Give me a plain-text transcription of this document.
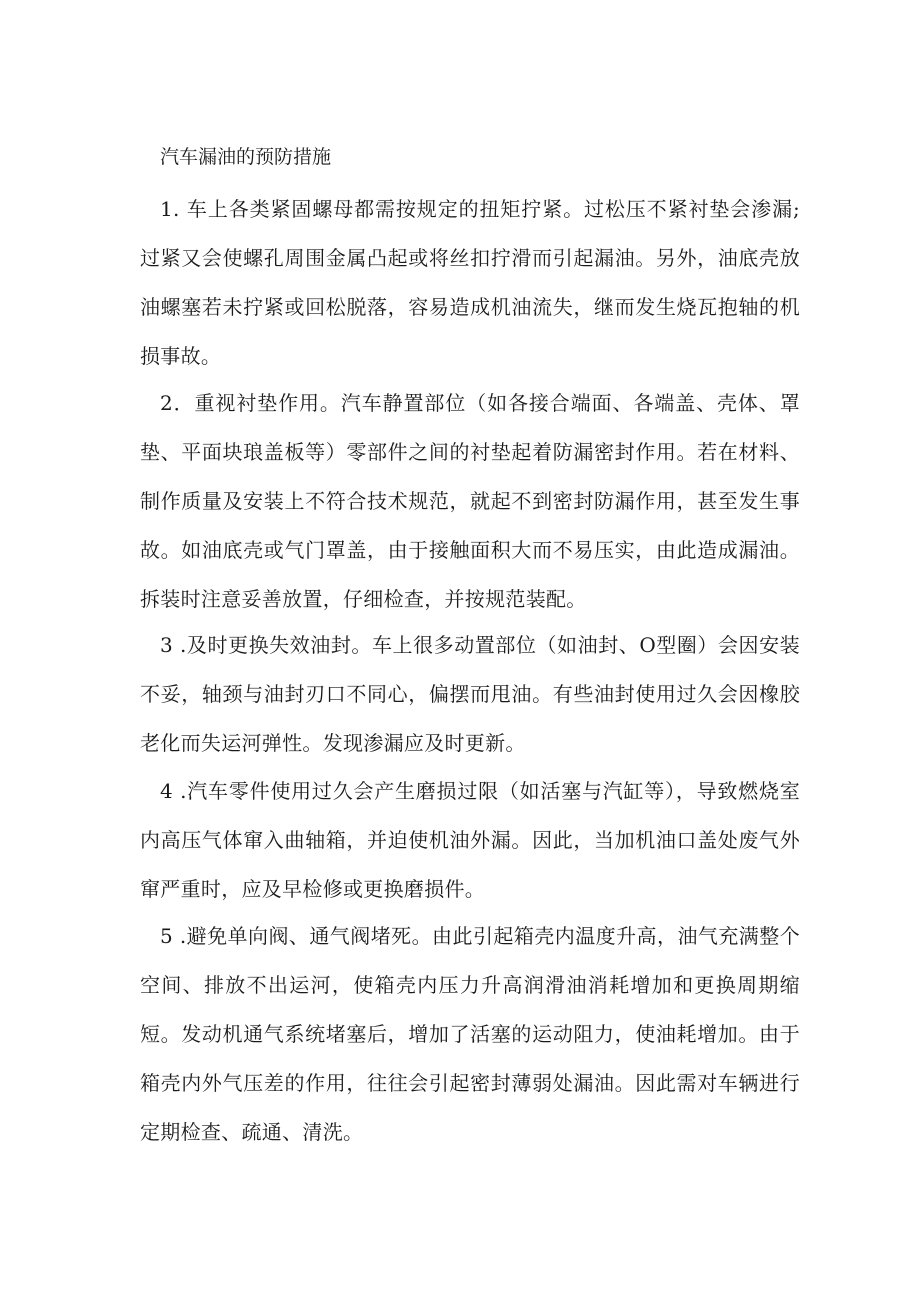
汽车漏油的预防措施

1. 车上各类紧固螺母都需按规定的扭矩拧紧。过松压不紧衬垫会渗漏;过紧又会使螺孔周围金属凸起或将丝扣拧滑而引起漏油。另外，油底壳放油螺塞若未拧紧或回松脱落，容易造成机油流失，继而发生烧瓦抱轴的机损事故。

2．重视衬垫作用。汽车静置部位（如各接合端面、各端盖、壳体、罩垫、平面块琅盖板等）零部件之间的衬垫起着防漏密封作用。若在材料、制作质量及安装上不符合技术规范，就起不到密封防漏作用，甚至发生事故。如油底壳或气门罩盖，由于接触面积大而不易压实，由此造成漏油。拆装时注意妥善放置，仔细检查，并按规范装配。

3 .及时更换失效油封。车上很多动置部位（如油封、O型圈）会因安装不妥，轴颈与油封刃口不同心，偏摆而甩油。有些油封使用过久会因橡胶老化而失运河弹性。发现渗漏应及时更新。

4 .汽车零件使用过久会产生磨损过限（如活塞与汽缸等），导致燃烧室内高压气体窜入曲轴箱，并迫使机油外漏。因此，当加机油口盖处废气外窜严重时，应及早检修或更换磨损件。

5 .避免单向阀、通气阀堵死。由此引起箱壳内温度升高，油气充满整个空间、排放不出运河，使箱壳内压力升高润滑油消耗增加和更换周期缩短。发动机通气系统堵塞后，增加了活塞的运动阻力，使油耗增加。由于箱壳内外气压差的作用，往往会引起密封薄弱处漏油。因此需对车辆进行定期检查、疏通、清洗。
